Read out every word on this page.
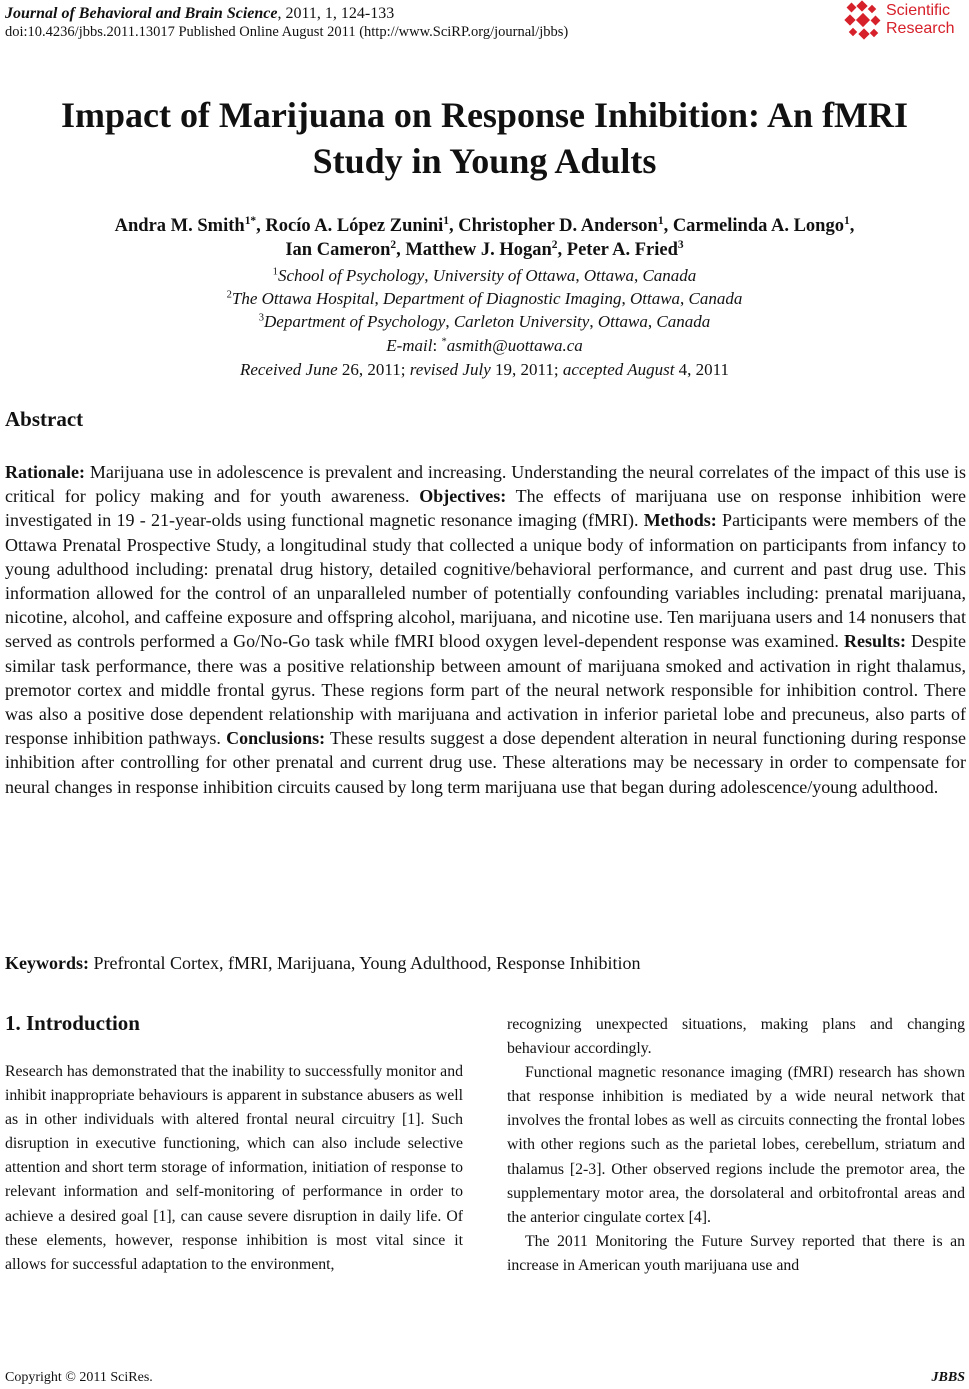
Journal of Behavioral and Brain Science, 2011, 1, 124-133
doi:10.4236/jbbs.2011.13017 Published Online August 2011 (http://www.SciRP.org/journal/jbbs)
Scientific
Research
Impact of Marijuana on Response Inhibition: An fMRI
Study in Young Adults
Andra M. Smith$^{1*}$, Rocío A. López Zunini$^1$, Christopher D. Anderson$^1$, Carmelinda A. Longo$^1$,
Ian Cameron$^2$, Matthew J. Hogan$^2$, Peter A. Fried$^3$
$^1$School of Psychology, University of Ottawa, Ottawa, Canada
$^2$The Ottawa Hospital, Department of Diagnostic Imaging, Ottawa, Canada
$^3$Department of Psychology, Carleton University, Ottawa, Canada
E-mail: *asmith@uottawa.ca
Received June 26, 2011; revised July 19, 2011; accepted August 4, 2011
Abstract
Rationale: Marijuana use in adolescence is prevalent and increasing. Understanding the neural correlates of the impact of this use is critical for policy making and for youth awareness. Objectives: The effects of marijuana use on response inhibition were investigated in 19 - 21-year-olds using functional magnetic resonance imaging (fMRI). Methods: Participants were members of the Ottawa Prenatal Prospective Study, a longitudinal study that collected a unique body of information on participants from infancy to young adulthood including: prenatal drug history, detailed cognitive/behavioral performance, and current and past drug use. This information allowed for the control of an unparalleled number of potentially confounding variables including: prenatal marijuana, nicotine, alcohol, and caffeine exposure and offspring alcohol, marijuana, and nicotine use. Ten marijuana users and 14 nonusers that served as controls performed a Go/No-Go task while fMRI blood oxygen level-dependent response was examined. Results: Despite similar task performance, there was a positive relationship between amount of marijuana smoked and activation in right thalamus, premotor cortex and middle frontal gyrus. These regions form part of the neural network responsible for inhibition control. There was also a positive dose dependent relationship with marijuana and activation in inferior parietal lobe and precuneus, also parts of response inhibition pathways. Conclusions: These results suggest a dose dependent alteration in neural functioning during response inhibition after controlling for other prenatal and current drug use. These alterations may be necessary in order to compensate for neural changes in response inhibition circuits caused by long term marijuana use that began during adolescence/young adulthood.
Keywords: Prefrontal Cortex, fMRI, Marijuana, Young Adulthood, Response Inhibition
1. Introduction

Research has demonstrated that the inability to successfully monitor and inhibit inappropriate behaviours is apparent in substance abusers as well as in other individuals with altered frontal neural circuitry [1]. Such disruption in executive functioning, which can also include selective attention and short term storage of information, initiation of response to relevant information and self-monitoring of performance in order to achieve a desired goal [1], can cause severe disruption in daily life. Of these elements, however, response inhibition is most vital since it allows for successful adaptation to the environment,

recognizing unexpected situations, making plans and changing behaviour accordingly.

Functional magnetic resonance imaging (fMRI) research has shown that response inhibition is mediated by a wide neural network that involves the frontal lobes as well as circuits connecting the frontal lobes with other regions such as the parietal lobes, cerebellum, striatum and thalamus [2-3]. Other observed regions include the premotor area, the supplementary motor area, the dorsolateral and orbitofrontal areas and the anterior cingulate cortex [4].

The 2011 Monitoring the Future Survey reported that there is an increase in American youth marijuana use and

Copyright © 2011 SciRes.	JBBS
